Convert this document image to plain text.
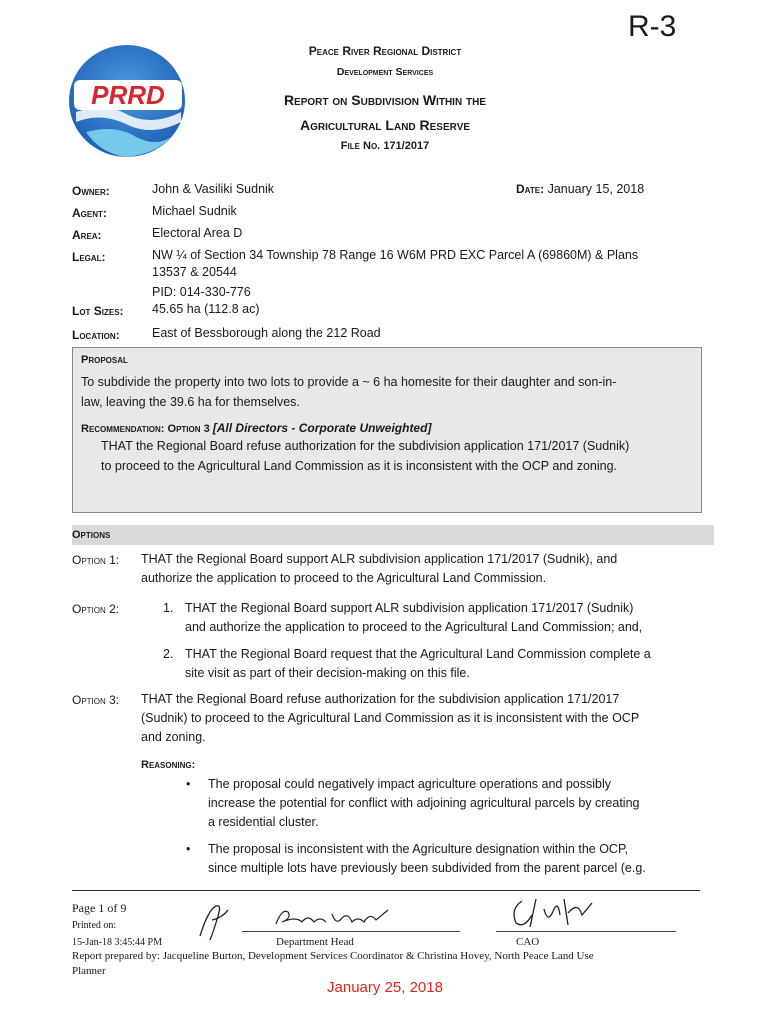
R-3
PRRD
Peace River Regional District
Development Services
Report on Subdivision Within the
Agricultural Land Reserve
File No. 171/2017
Owner:	John & Vasiliki Sudnik	Date: January 15, 2018
Agent:	Michael Sudnik
Area:	Electoral Area D
Legal:	NW ¼ of Section 34 Township 78 Range 16 W6M PRD EXC Parcel A (69860M) & Plans
13537 & 20544
PID: 014-330-776
Lot Sizes: 45.65 ha (112.8 ac)
Location:	East of Bessborough along the 212 Road
Proposal
To subdivide the property into two lots to provide a ~ 6 ha homesite for their daughter and son-in-
law, leaving the 39.6 ha for themselves.
Recommendation: Option 3 [All Directors - Corporate Unweighted]
THAT the Regional Board refuse authorization for the subdivision application 171/2017 (Sudnik)
to proceed to the Agricultural Land Commission as it is inconsistent with the OCP and zoning.
Options
Option 1: THAT the Regional Board support ALR subdivision application 171/2017 (Sudnik), and
authorize the application to proceed to the Agricultural Land Commission.
Option 2:	1. THAT the Regional Board support ALR subdivision application 171/2017 (Sudnik)
and authorize the application to proceed to the Agricultural Land Commission; and,
2. THAT the Regional Board request that the Agricultural Land Commission complete a
site visit as part of their decision-making on this file.
Option 3: THAT the Regional Board refuse authorization for the subdivision application 171/2017
(Sudnik) to proceed to the Agricultural Land Commission as it is inconsistent with the OCP
and zoning.
Reasoning:
• The proposal could negatively impact agriculture operations and possibly
increase the potential for conflict with adjoining agricultural parcels by creating
a residential cluster.
• The proposal is inconsistent with the Agriculture designation within the OCP,
since multiple lots have previously been subdivided from the parent parcel (e.g.
Page 1 of 9
Printed on:
15-Jan-18 3:45:44 PM	Department Head	CAO
Report prepared by: Jacqueline Burton, Development Services Coordinator & Christina Hovey, North Peace Land Use
Planner
January 25, 2018
